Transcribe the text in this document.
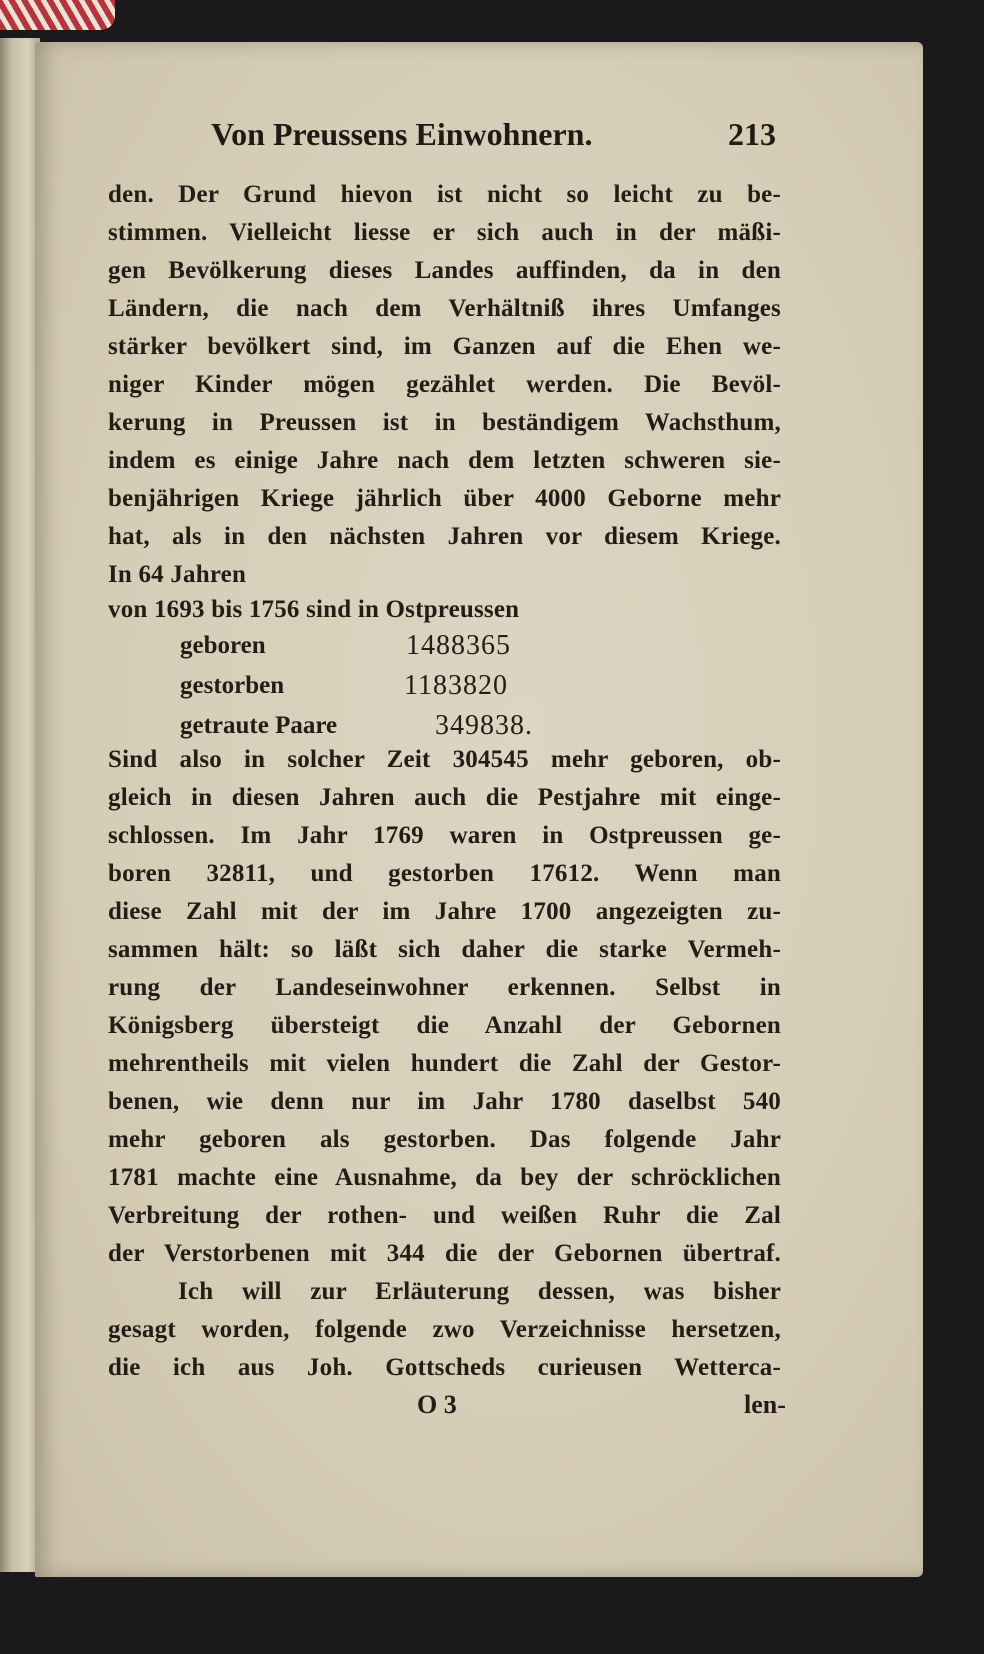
Von Preussens Einwohnern.	213
den. Der Grund hievon ist nicht so leicht zu be-
stimmen. Vielleicht liesse er sich auch in der mäßi-
gen Bevölkerung dieses Landes auffinden, da in den
Ländern, die nach dem Verhältniß ihres Umfanges
stärker bevölkert sind, im Ganzen auf die Ehen we-
niger Kinder mögen gezählet werden. Die Bevöl-
kerung in Preussen ist in beständigem Wachsthum,
indem es einige Jahre nach dem letzten schweren sie-
benjährigen Kriege jährlich über 4000 Geborne mehr
hat, als in den nächsten Jahren vor diesem Kriege.
In 64 Jahren
von 1693 bis 1756 sind in Ostpreussen
geboren	1488365
gestorben	1183820
getraute Paare	349838.
Sind also in solcher Zeit 304545 mehr geboren, ob-
gleich in diesen Jahren auch die Pestjahre mit einge-
schlossen. Im Jahr 1769 waren in Ostpreussen ge-
boren 32811, und gestorben 17612. Wenn man
diese Zahl mit der im Jahre 1700 angezeigten zu-
sammen hält: so läßt sich daher die starke Vermeh-
rung der Landeseinwohner erkennen. Selbst in
Königsberg übersteigt die Anzahl der Gebornen
mehrentheils mit vielen hundert die Zahl der Gestor-
benen, wie denn nur im Jahr 1780 daselbst 540
mehr geboren als gestorben. Das folgende Jahr
1781 machte eine Ausnahme, da bey der schröcklichen
Verbreitung der rothen- und weißen Ruhr die Zal
der Verstorbenen mit 344 die der Gebornen übertraf.
Ich will zur Erläuterung dessen, was bisher
gesagt worden, folgende zwo Verzeichnisse hersetzen,
die ich aus Joh. Gottscheds curieusen Wetterca-
O 3	len-
